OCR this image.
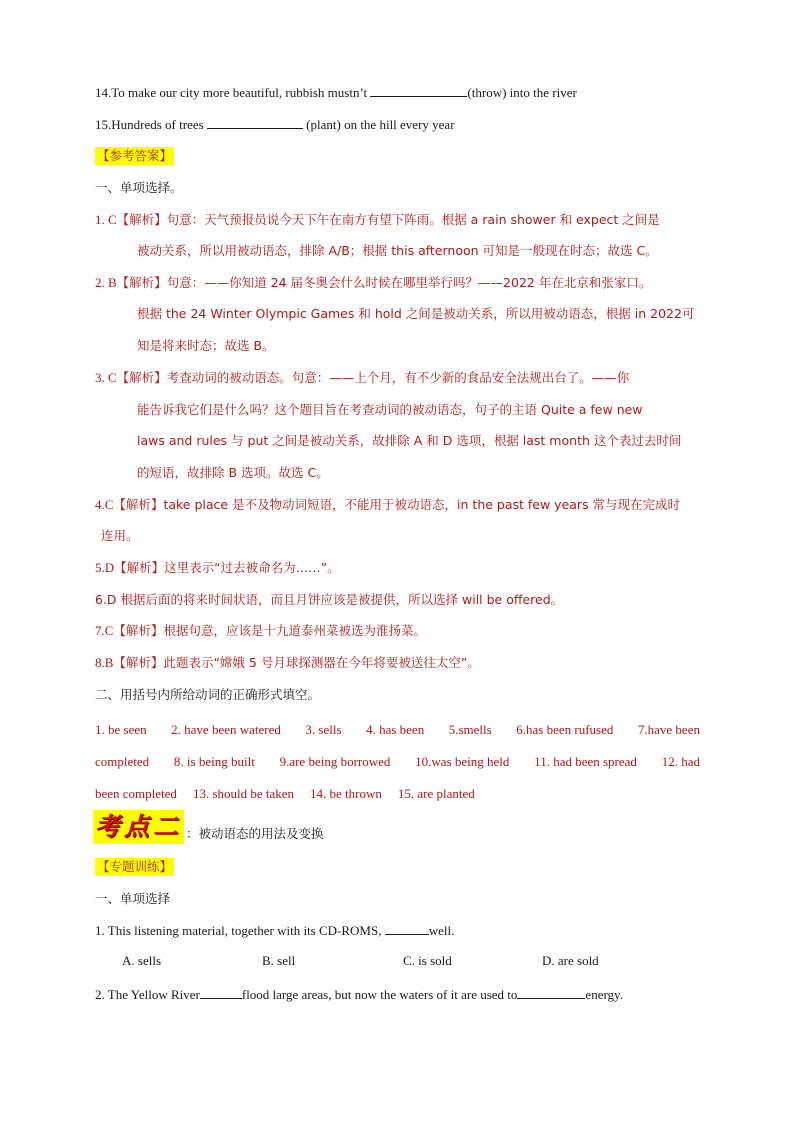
14.To make our city more beautiful, rubbish mustn’t	(throw) into the river
15.Hundreds of trees	(plant) on the hill every year
【参考答案】
一、单项选择。
1. C【解析】句意：天气预报员说今天下午在南方有望下阵雨。根据 a rain shower 和 expect 之间是
被动关系，所以用被动语态，排除 A/B；根据 this afternoon 可知是一般现在时态；故选 C。
2. B【解析】句意：——你知道 24 届冬奥会什么时候在哪里举行吗？——2022 年在北京和张家口。
根据 the 24 Winter Olympic Games 和 hold 之间是被动关系，所以用被动语态，根据 in 2022可
知是将来时态；故选 B。
3. C【解析】考查动词的被动语态。句意：——上个月，有不少新的食品安全法规出台了。——你
能告诉我它们是什么吗？这个题目旨在考查动词的被动语态，句子的主语 Quite a few new
laws and rules 与 put 之间是被动关系，故排除 A 和 D 选项，根据 last month 这个表过去时间
的短语，故排除 B 选项。故选 C。
4.C【解析】take place 是不及物动词短语，不能用于被动语态，in the past few years 常与现在完成时
连用。
5.D【解析】这里表示“过去被命名为……”。
6.D 根据后面的将来时间状语，而且月饼应该是被提供，所以选择 will be offered。
7.C【解析】根据句意，应该是十九道泰州菜被选为淮扬菜。
8.B【解析】此题表示“嫦娥 5 号月球探测器在今年将要被送往太空”。
二、用括号内所给动词的正确形式填空。
1. be seen 2. have been watered 3. sells 4. has been 5.smells 6.has been rufused 7.have been
completed 8. is being built 9.are being borrowed 10.was being held 11. had been spread 12. had
been completed 13. should be taken 14. be thrown 15. are planted
考点二 ：被动语态的用法及变换
【专题训练】
一、单项选择
1. This listening material, together with its CD-ROMS,	well.
A. sells	B. sell	C. is sold	D. are sold
2. The Yellow River	flood large areas, but now the waters of it are used to	energy.
